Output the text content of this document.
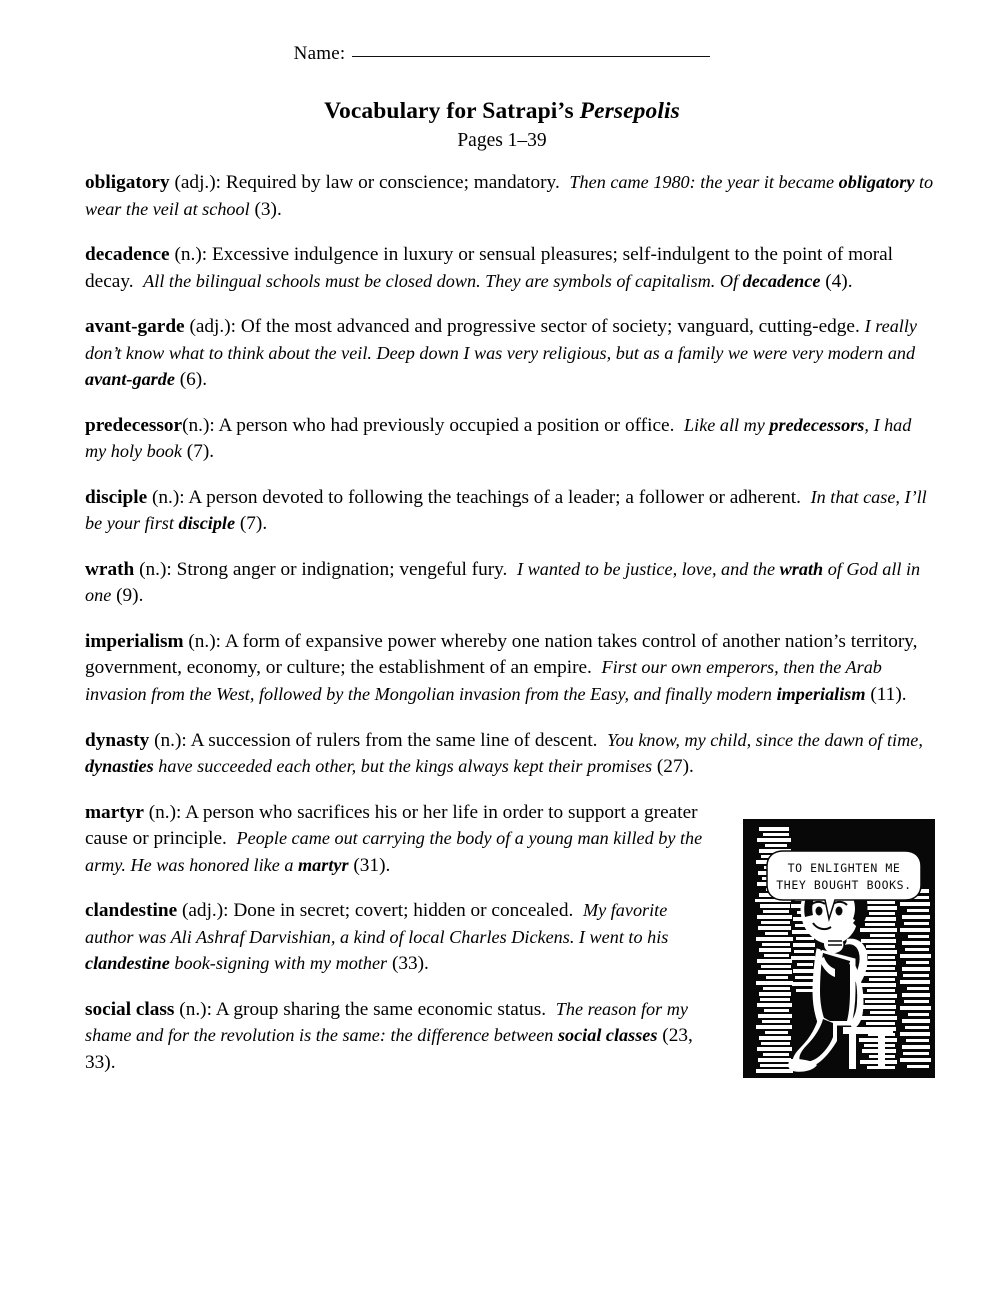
Name:
Vocabulary for Satrapi’s Persepolis
Pages 1–39
TO ENLIGHTEN ME
THEY BOUGHT BOOKS.

obligatory (adj.): Required by law or conscience; mandatory. Then came 1980: the year it became obligatory to wear the veil at school (3).

decadence (n.): Excessive indulgence in luxury or sensual pleasures; self-indulgent to the point of moral decay. All the bilingual schools must be closed down. They are symbols of capitalism. Of decadence (4).

avant-garde (adj.): Of the most advanced and progressive sector of society; vanguard, cutting-edge. I really don’t know what to think about the veil. Deep down I was very religious, but as a family we were very modern and avant-garde (6).

predecessor(n.): A person who had previously occupied a position or office. Like all my predecessors, I had my holy book (7).

disciple (n.): A person devoted to following the teachings of a leader; a follower or adherent. In that case, I’ll be your first disciple (7).

wrath (n.): Strong anger or indignation; vengeful fury. I wanted to be justice, love, and the wrath of God all in one (9).

imperialism (n.): A form of expansive power whereby one nation takes control of another nation’s territory, government, economy, or culture; the establishment of an empire. First our own emperors, then the Arab invasion from the West, followed by the Mongolian invasion from the Easy, and finally modern imperialism (11).

dynasty (n.): A succession of rulers from the same line of descent. You know, my child, since the dawn of time, dynasties have succeeded each other, but the kings always kept their promises (27).

martyr (n.): A person who sacrifices his or her life in order to support a greater cause or principle. People came out carrying the body of a young man killed by the army. He was honored like a martyr (31).

clandestine (adj.): Done in secret; covert; hidden or concealed. My favorite author was Ali Ashraf Darvishian, a kind of local Charles Dickens. I went to his clandestine book-signing with my mother (33).

social class (n.): A group sharing the same economic status. The reason for my shame and for the revolution is the same: the difference between social classes (23, 33).
